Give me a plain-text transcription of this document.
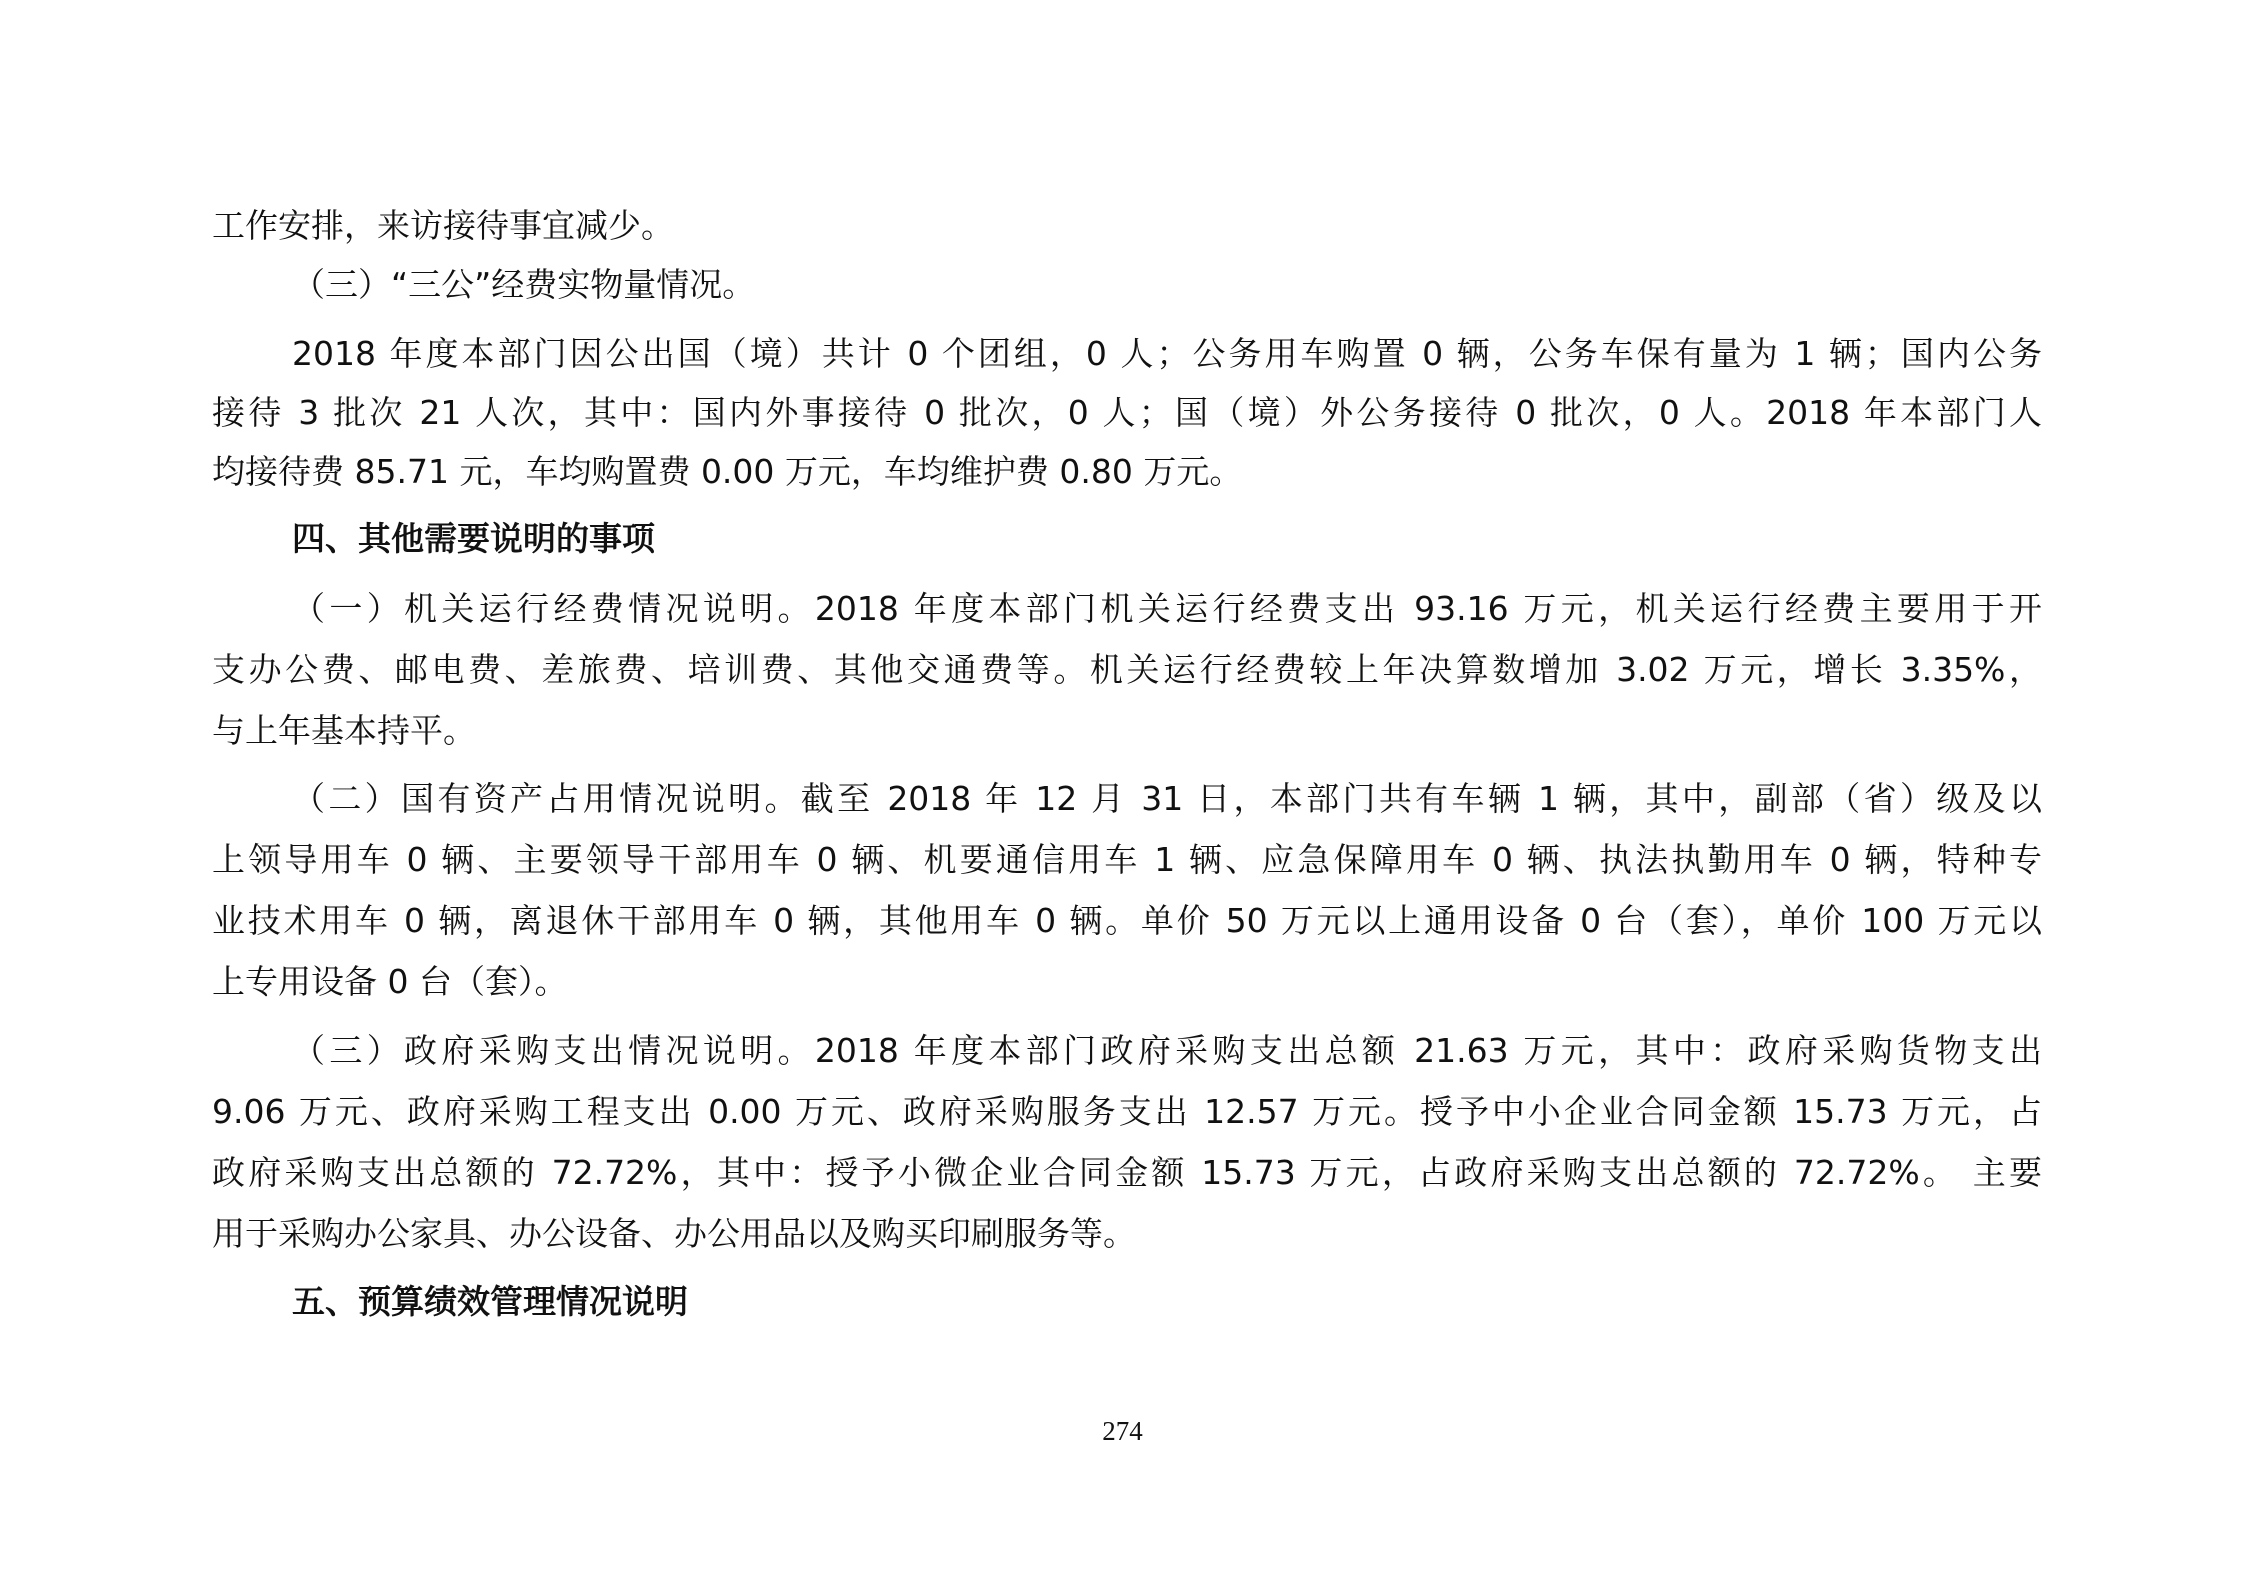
工作安排，来访接待事宜减少。
（三）“三公”经费实物量情况。
2018 年度本部门因公出国（境）共计 0 个团组，0 人；公务用车购置 0 辆，公务车保有量为 1 辆；国内公务
接待 3 批次 21 人次，其中：国内外事接待 0 批次，0 人；国（境）外公务接待 0 批次，0 人。2018 年本部门人
均接待费 85.71 元，车均购置费 0.00 万元，车均维护费 0.80 万元。
四、其他需要说明的事项
（一）机关运行经费情况说明。2018 年度本部门机关运行经费支出 93.16 万元，机关运行经费主要用于开
支办公费、邮电费、差旅费、培训费、其他交通费等。机关运行经费较上年决算数增加 3.02 万元，增长 3.35%，
与上年基本持平。
（二）国有资产占用情况说明。截至 2018 年 12 月 31 日，本部门共有车辆 1 辆，其中，副部（省）级及以
上领导用车 0 辆、主要领导干部用车 0 辆、机要通信用车 1 辆、应急保障用车 0 辆、执法执勤用车 0 辆，特种专
业技术用车 0 辆，离退休干部用车 0 辆，其他用车 0 辆。单价 50 万元以上通用设备 0 台（套），单价 100 万元以
上专用设备 0 台（套）。
（三）政府采购支出情况说明。2018 年度本部门政府采购支出总额 21.63 万元，其中：政府采购货物支出
9.06 万元、政府采购工程支出 0.00 万元、政府采购服务支出 12.57 万元。授予中小企业合同金额 15.73 万元，占
政府采购支出总额的 72.72%，其中：授予小微企业合同金额 15.73 万元，占政府采购支出总额的 72.72%。 主要
用于采购办公家具、办公设备、办公用品以及购买印刷服务等。
五、预算绩效管理情况说明
274
